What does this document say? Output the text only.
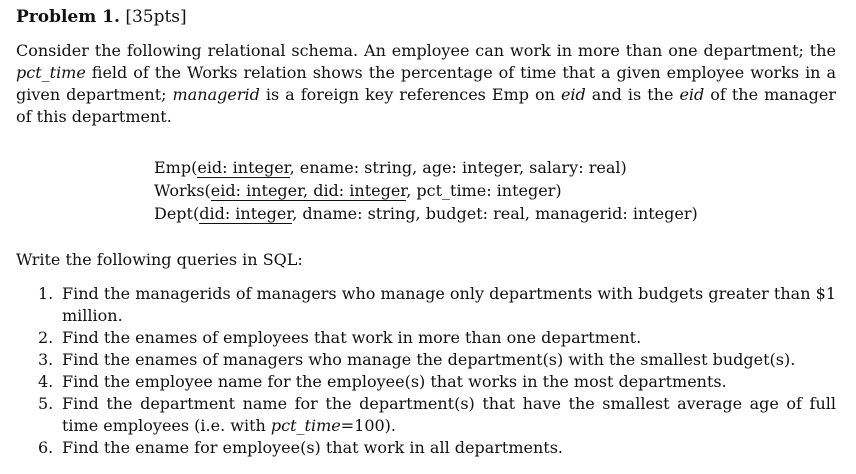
Problem 1. [35pts]

Consider the following relational schema. An employee can work in more than one department; the pct_time field of the Works relation shows the percentage of time that a given employee works in a given department; managerid is a foreign key references Emp on eid and is the eid of the manager of this department.

Emp(eid: integer, ename: string, age: integer, salary: real)
Works(eid: integer, did: integer, pct_time: integer)
Dept(did: integer, dname: string, budget: real, managerid: integer)

Write the following queries in SQL:

1. Find the managerids of managers who manage only departments with budgets greater than $1 million.
2. Find the enames of employees that work in more than one department.
3. Find the enames of managers who manage the department(s) with the smallest budget(s).
4. Find the employee name for the employee(s) that works in the most departments.
5. Find the department name for the department(s) that have the smallest average age of full time employees (i.e. with pct_time=100).
6. Find the ename for employee(s) that work in all departments.
